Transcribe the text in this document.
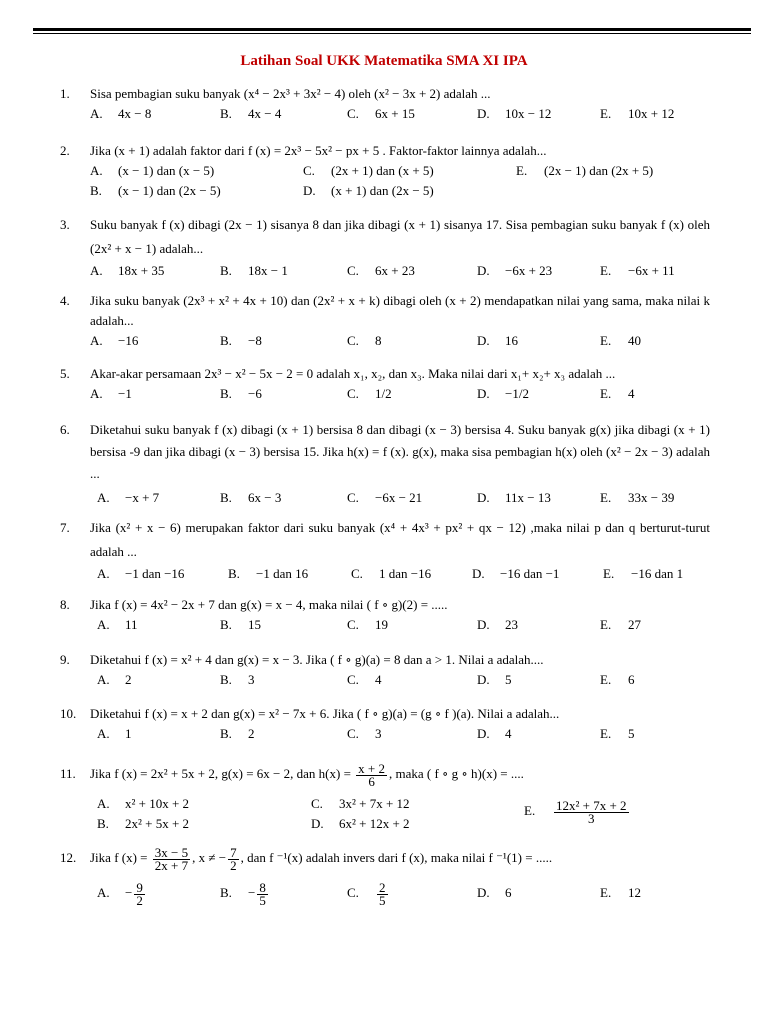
Latihan Soal UKK Matematika SMA XI IPA
1.	Sisa pembagian suku banyak (x⁴ − 2x³ + 3x² − 4) oleh (x² − 3x + 2) adalah ...
A. 4x − 8	B. 4x − 4	C. 6x + 15	D. 10x − 12	E. 10x + 12
2.	Jika (x + 1) adalah faktor dari f (x) = 2x³ − 5x² − px + 5 . Faktor-faktor lainnya adalah...
A. (x − 1) dan (x − 5)	C. (2x + 1) dan (x + 5)	E. (2x − 1) dan (2x + 5)
B. (x − 1) dan (2x − 5)	D. (x + 1) dan (2x − 5)
3.	Suku banyak f (x) dibagi (2x − 1) sisanya 8 dan jika dibagi (x + 1) sisanya 17. Sisa pembagian suku banyak f (x) oleh (2x² + x − 1) adalah...
A. 18x + 35	B. 18x − 1	C. 6x + 23	D. −6x + 23	E. −6x + 11
4.	Jika suku banyak (2x³ + x² + 4x + 10) dan (2x² + x + k) dibagi oleh (x + 2) mendapatkan nilai yang sama, maka nilai k adalah...
A. −16	B. −8	C. 8	D. 16	E. 40
5.	Akar-akar persamaan 2x³ − x² − 5x − 2 = 0 adalah x₁, x₂, dan x₃. Maka nilai dari x₁+ x₂+ x₃ adalah ...
A. −1	B. −6	C. 1/2	D. −1/2	E. 4
6.	Diketahui suku banyak f (x) dibagi (x + 1) bersisa 8 dan dibagi (x − 3) bersisa 4. Suku banyak g(x) jika dibagi (x + 1) bersisa -9 dan jika dibagi (x − 3) bersisa 15. Jika h(x) = f (x). g(x), maka sisa pembagian h(x) oleh (x² − 2x − 3) adalah ...
A. −x + 7	B. 6x − 3	C. −6x − 21	D. 11x − 13	E. 33x − 39
7.	Jika (x² + x − 6) merupakan faktor dari suku banyak (x⁴ + 4x³ + px² + qx − 12) ,maka nilai p dan q berturut-turut adalah ...
A. −1 dan −16	B. −1 dan 16	C. 1 dan −16	D. −16 dan −1	E. −16 dan 1
8.	Jika f (x) = 4x² − 2x + 7 dan g(x) = x − 4, maka nilai ( f ∘ g)(2) = .....
A. 11	B. 15	C. 19	D. 23	E. 27
9.	Diketahui f (x) = x² + 4 dan g(x) = x − 3. Jika ( f ∘ g)(a) = 8 dan a > 1. Nilai a adalah....
A. 2	B. 3	C. 4	D. 5	E. 6
10.	Diketahui f (x) = x + 2 dan g(x) = x² − 7x + 6. Jika ( f ∘ g)(a) = (g ∘ f )(a). Nilai a adalah...
A. 1	B. 2	C. 3	D. 4	E. 5
11.	Jika f (x) = 2x² + 5x + 2, g(x) = 6x − 2, dan $h(x) = \frac{x + 2}{6}$ , maka ( f ∘ g ∘ h)(x) = ....
A. x² + 10x + 2	C. 3x² + 7x + 12	E. $\frac{\text{12x² + 7x + 2}}{3}$
B. 2x² + 5x + 2	D. 6x² + 12x + 2
12.	Jika f $(x) = \frac{3x - 5}{2x + 7}$ , x ≠ − $\frac{7}{2}$ , dan f ⁻¹(x) adalah invers dari f (x), maka nilai f ⁻¹(1) = .....
A. − $\frac{9}{2}$	B. − $\frac{8}{5}$	C. $\frac{2}{5}$	D. 6	E. 12
